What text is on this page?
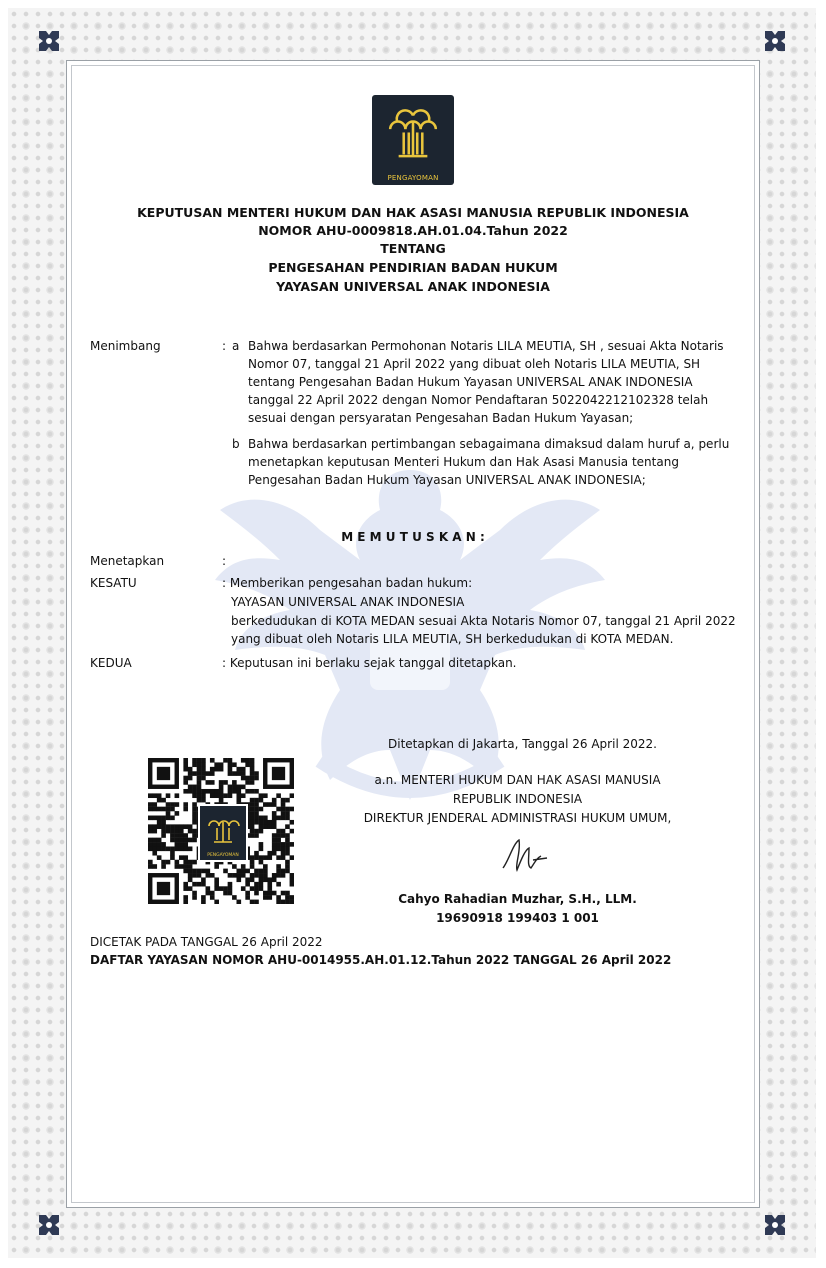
PENGAYOMAN
KEPUTUSAN MENTERI HUKUM DAN HAK ASASI MANUSIA REPUBLIK INDONESIA
NOMOR AHU-0009818.AH.01.04.Tahun 2022
TENTANG
PENGESAHAN PENDIRIAN BADAN HUKUM
YAYASAN UNIVERSAL ANAK INDONESIA
Menimbang	: a Bahwa berdasarkan Permohonan Notaris LILA MEUTIA, SH , sesuai Akta Notaris
Nomor 07, tanggal 21 April 2022 yang dibuat oleh Notaris LILA MEUTIA, SH
tentang Pengesahan Badan Hukum Yayasan UNIVERSAL ANAK INDONESIA
tanggal 22 April 2022 dengan Nomor Pendaftaran 5022042212102328 telah
sesuai dengan persyaratan Pengesahan Badan Hukum Yayasan;
b Bahwa berdasarkan pertimbangan sebagaimana dimaksud dalam huruf a, perlu
menetapkan keputusan Menteri Hukum dan Hak Asasi Manusia tentang
Pengesahan Badan Hukum Yayasan UNIVERSAL ANAK INDONESIA;
M E M U T U S K A N :
Menetapkan	:
KESATU	: Memberikan pengesahan badan hukum:
YAYASAN UNIVERSAL ANAK INDONESIA
berkedudukan di KOTA MEDAN sesuai Akta Notaris Nomor 07, tanggal 21 April 2022
yang dibuat oleh Notaris LILA MEUTIA, SH berkedudukan di KOTA MEDAN.
KEDUA	: Keputusan ini berlaku sejak tanggal ditetapkan.
Ditetapkan di Jakarta, Tanggal 26 April 2022.
a.n. MENTERI HUKUM DAN HAK ASASI MANUSIA
REPUBLIK INDONESIA
DIREKTUR JENDERAL ADMINISTRASI HUKUM UMUM,
Cahyo Rahadian Muzhar, S.H., LLM.
19690918 199403 1 001
PENGAYOMAN
DICETAK PADA TANGGAL 26 April 2022
DAFTAR YAYASAN NOMOR AHU-0014955.AH.01.12.Tahun 2022 TANGGAL 26 April 2022
